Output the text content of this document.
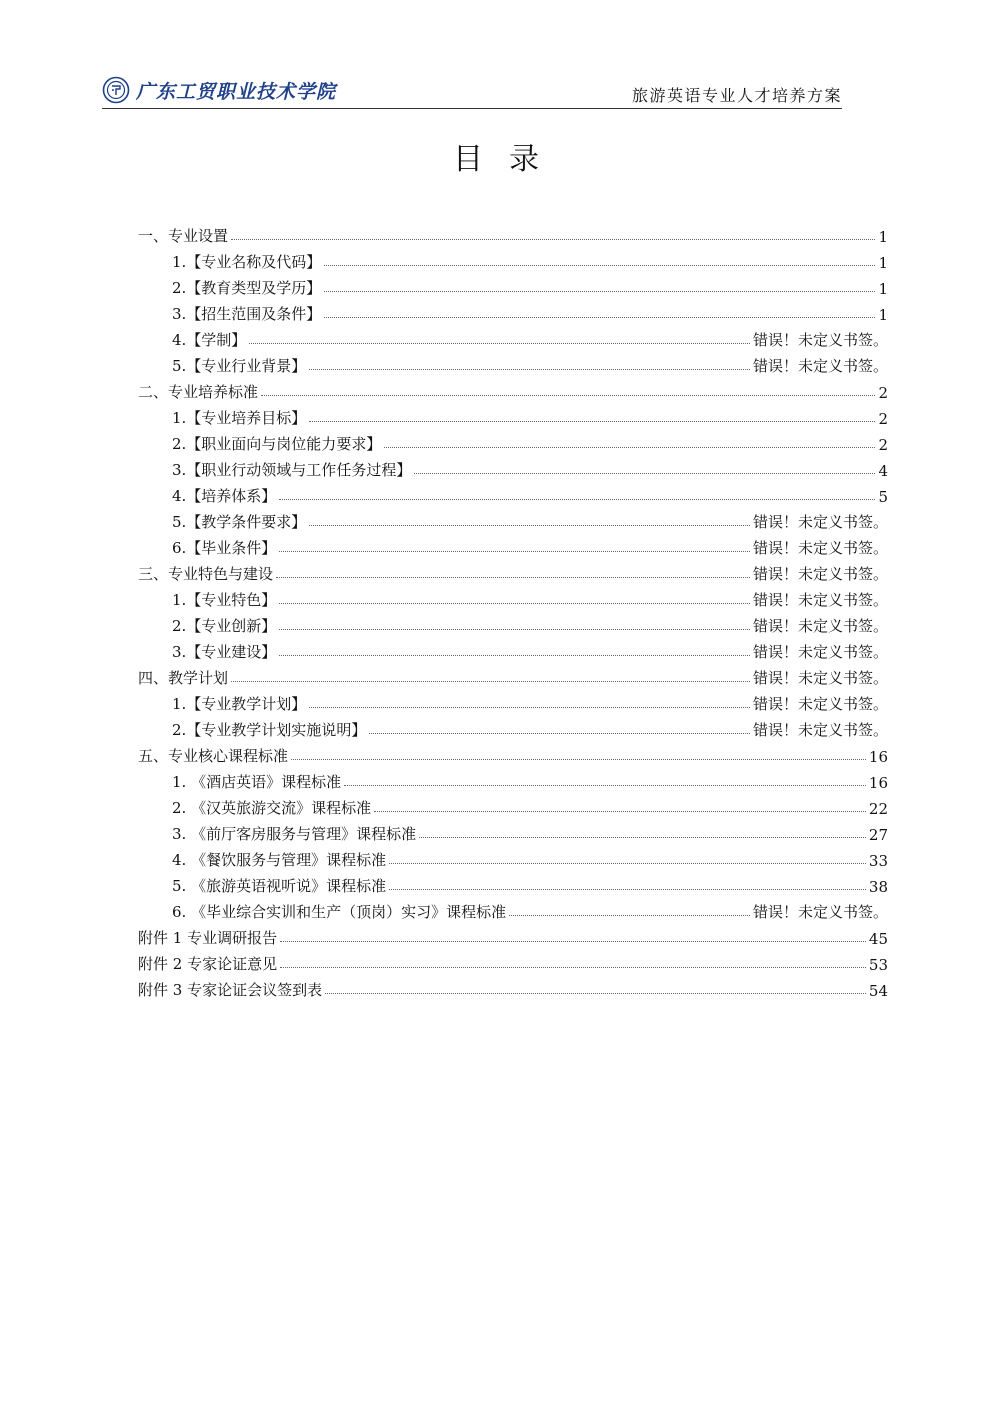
广东工贸职业技术学院	旅游英语专业人才培养方案
目录
一、专业设置	1
1.【专业名称及代码】	1
2.【教育类型及学历】	1
3.【招生范围及条件】	1
4.【学制】	错误！未定义书签。
5.【专业行业背景】	错误！未定义书签。
二、专业培养标准	2
1.【专业培养目标】	2
2.【职业面向与岗位能力要求】	2
3.【职业行动领域与工作任务过程】	4
4.【培养体系】	5
5.【教学条件要求】	错误！未定义书签。
6.【毕业条件】	错误！未定义书签。
三、专业特色与建设	错误！未定义书签。
1.【专业特色】	错误！未定义书签。
2.【专业创新】	错误！未定义书签。
3.【专业建设】	错误！未定义书签。
四、教学计划	错误！未定义书签。
1.【专业教学计划】	错误！未定义书签。
2.【专业教学计划实施说明】	错误！未定义书签。
五、专业核心课程标准	16
1. 《酒店英语》课程标准	16
2. 《汉英旅游交流》课程标准	22
3. 《前厅客房服务与管理》课程标准	27
4. 《餐饮服务与管理》课程标准	33
5. 《旅游英语视听说》课程标准	38
6. 《毕业综合实训和生产（顶岗）实习》课程标准	错误！未定义书签。
附件 1 专业调研报告	45
附件 2 专家论证意见	53
附件 3 专家论证会议签到表	54
